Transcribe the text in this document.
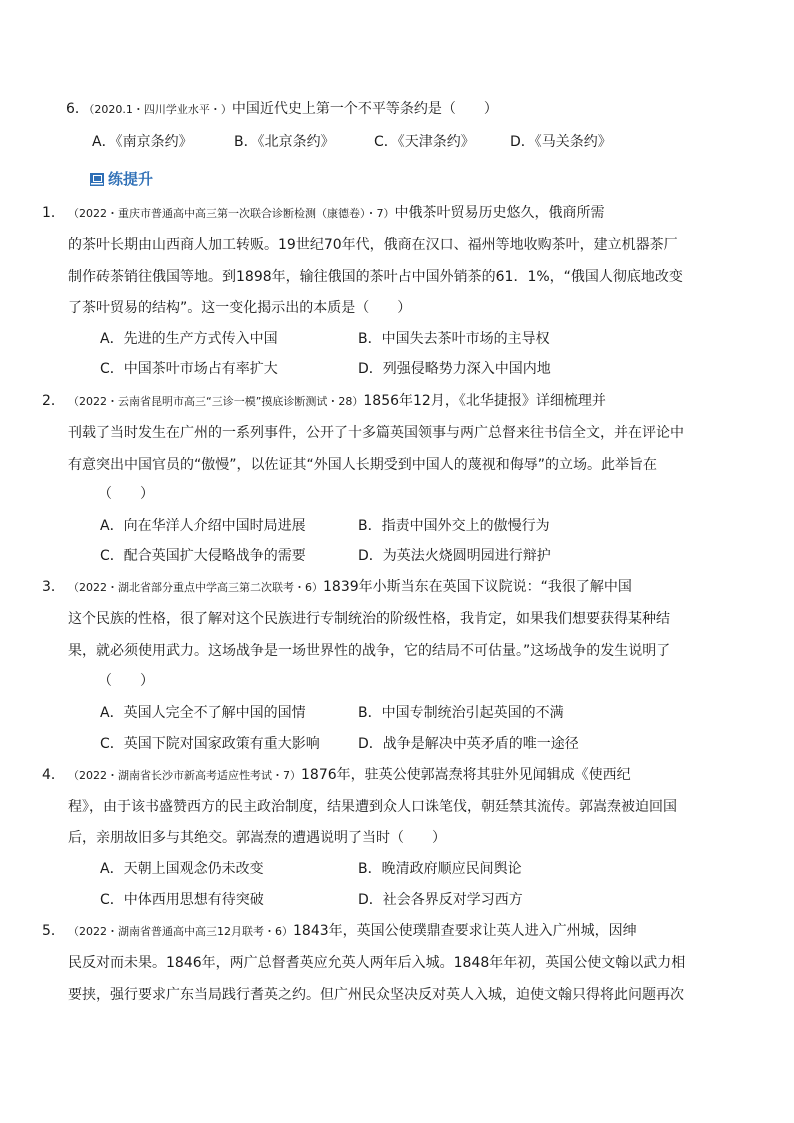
6．（2020.1・四川学业水平・）中国近代史上第一个不平等条约是（　　）
A．《南京条约》	B．《北京条约》	C．《天津条约》	D．《马关条约》
练提升
1． （2022・重庆市普通高中高三第一次联合诊断检测（康德卷）・7）中俄茶叶贸易历史悠久，俄商所需
的茶叶长期由山西商人加工转贩。19世纪70年代，俄商在汉口、福州等地收购茶叶，建立机器茶厂
制作砖茶销往俄国等地。到1898年，输往俄国的茶叶占中国外销茶的61．1%，“俄国人彻底地改变
了茶叶贸易的结构”。这一变化揭示出的本质是（　　）
A．先进的生产方式传入中国	B．中国失去茶叶市场的主导权
C．中国茶叶市场占有率扩大	D．列强侵略势力深入中国内地
2． （2022・云南省昆明市高三“三诊一模”摸底诊断测试・28）1856年12月，《北华捷报》详细梳理并
刊载了当时发生在广州的一系列事件，公开了十多篇英国领事与两广总督来往书信全文，并在评论中
有意突出中国官员的“傲慢”，以佐证其“外国人长期受到中国人的蔑视和侮辱”的立场。此举旨在
（　　）
A．向在华洋人介绍中国时局进展	B．指责中国外交上的傲慢行为
C．配合英国扩大侵略战争的需要	D．为英法火烧圆明园进行辩护
3． （2022・湖北省部分重点中学高三第二次联考・6）1839年小斯当东在英国下议院说：“我很了解中国
这个民族的性格，很了解对这个民族进行专制统治的阶级性格，我肯定，如果我们想要获得某种结
果，就必须使用武力。这场战争是一场世界性的战争，它的结局不可估量。”这场战争的发生说明了
（　　）
A．英国人完全不了解中国的国情	B．中国专制统治引起英国的不满
C．英国下院对国家政策有重大影响	D．战争是解决中英矛盾的唯一途径
4． （2022・湖南省长沙市新高考适应性考试・7）1876年，驻英公使郭嵩焘将其驻外见闻辑成《使西纪
程》，由于该书盛赞西方的民主政治制度，结果遭到众人口诛笔伐，朝廷禁其流传。郭嵩焘被迫回国
后，亲朋故旧多与其绝交。郭嵩焘的遭遇说明了当时（　　）
A．天朝上国观念仍未改变	B．晚清政府顺应民间舆论
C．中体西用思想有待突破	D．社会各界反对学习西方
5． （2022・湖南省普通高中高三12月联考・6）1843年，英国公使璞鼎查要求让英人进入广州城，因绅
民反对而未果。1846年，两广总督耆英应允英人两年后入城。1848年年初，英国公使文翰以武力相
要挟，强行要求广东当局践行耆英之约。但广州民众坚决反对英人入城，迫使文翰只得将此问题再次
